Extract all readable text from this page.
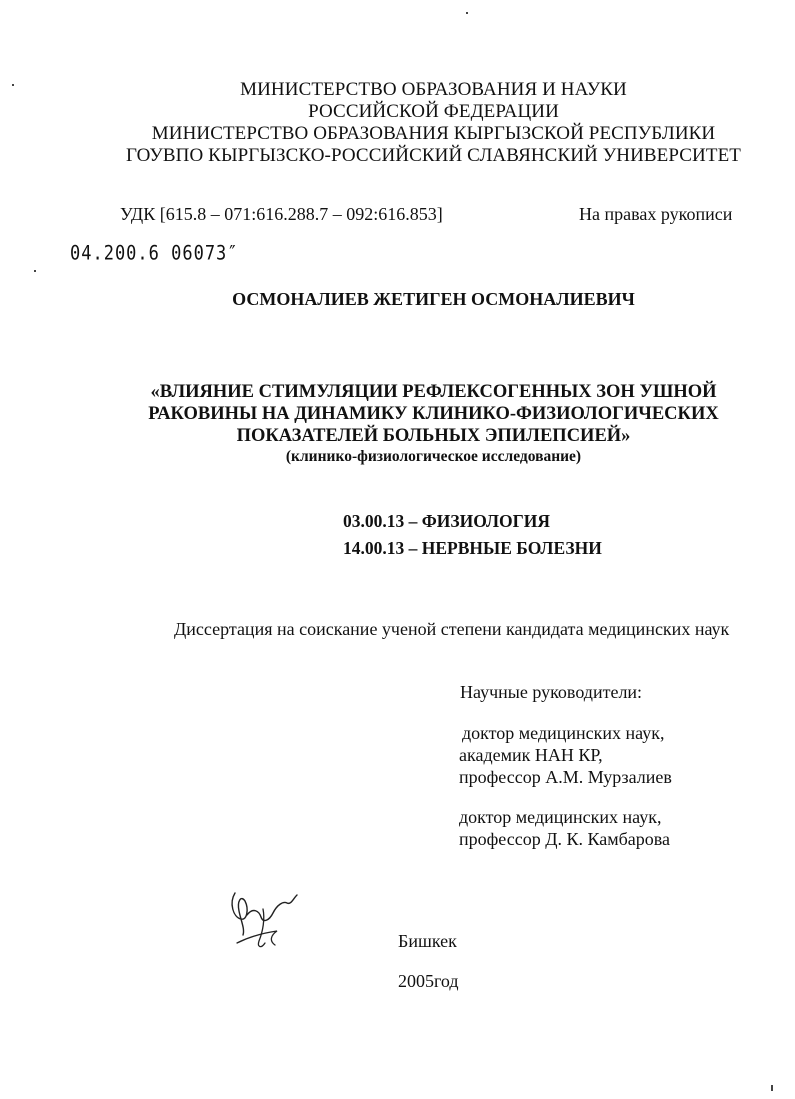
МИНИСТЕРСТВО ОБРАЗОВАНИЯ И НАУКИ
РОССИЙСКОЙ ФЕДЕРАЦИИ
МИНИСТЕРСТВО ОБРАЗОВАНИЯ КЫРГЫЗСКОЙ РЕСПУБЛИКИ
ГОУВПО КЫРГЫЗСКО-РОССИЙСКИЙ СЛАВЯНСКИЙ УНИВЕРСИТЕТ
УДК [615.8 – 071:616.288.7 – 092:616.853]	На правах рукописи
04.200.6 06073″
ОСМОНАЛИЕВ ЖЕТИГЕН ОСМОНАЛИЕВИЧ
«ВЛИЯНИЕ СТИМУЛЯЦИИ РЕФЛЕКСОГЕННЫХ ЗОН УШНОЙ
РАКОВИНЫ НА ДИНАМИКУ КЛИНИКО-ФИЗИОЛОГИЧЕСКИХ
ПОКАЗАТЕЛЕЙ БОЛЬНЫХ ЭПИЛЕПСИЕЙ»
(клинико-физиологическое исследование)
03.00.13 – ФИЗИОЛОГИЯ
14.00.13 – НЕРВНЫЕ БОЛЕЗНИ
Диссертация на соискание ученой степени кандидата медицинских наук
Научные руководители:
доктор медицинских наук,
академик НАН КР,
профессор А.М. Мурзалиев
доктор медицинских наук,
профессор Д. К. Камбарова
Бишкек
2005год
